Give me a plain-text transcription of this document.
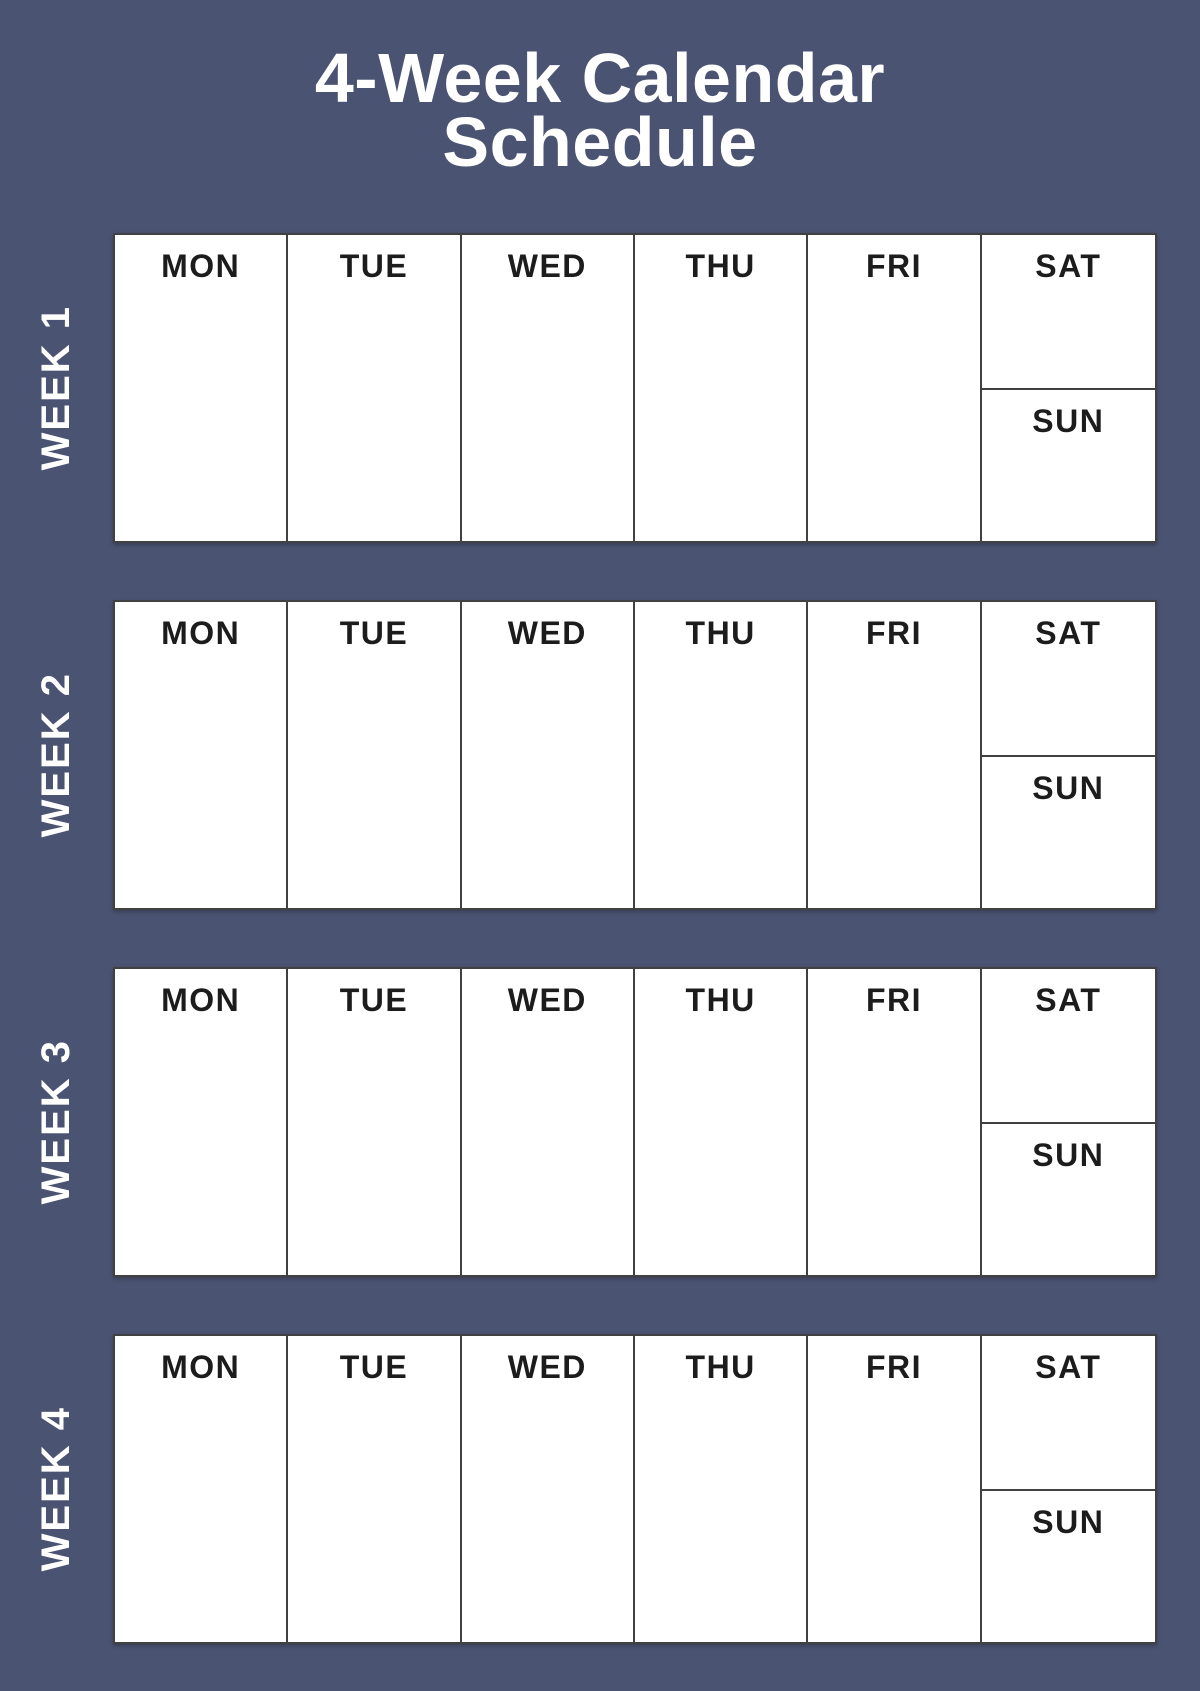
4-Week Calendar
Schedule
WEEK 1
MON	TUE	WED	THU	FRI	SAT
SUN
WEEK 2
MON	TUE	WED	THU	FRI	SAT
SUN
WEEK 3
MON	TUE	WED	THU	FRI	SAT
SUN
WEEK 4
MON	TUE	WED	THU	FRI	SAT
SUN
